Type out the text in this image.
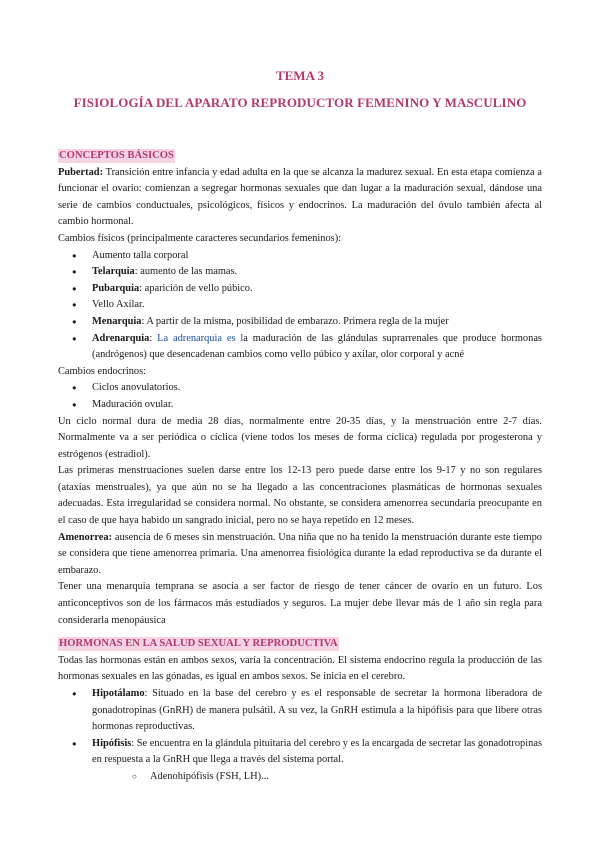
TEMA 3

FISIOLOGÍA DEL APARATO REPRODUCTOR FEMENINO Y MASCULINO

CONCEPTOS BÁSICOS

Pubertad: Transición entre infancia y edad adulta en la que se alcanza la madurez sexual. En esta etapa comienza a funcionar el ovario: comienzan a segregar hormonas sexuales que dan lugar a la maduración sexual, dándose una serie de cambios conductuales, psicológicos, físicos y endocrinos. La maduración del óvulo también afecta al cambio hormonal.

Cambios físicos (principalmente caracteres secundarios femeninos):

● Aumento talla corporal
● Telarquia: aumento de las mamas.
● Pubarquia: aparición de vello púbico.
● Vello Axilar.
● Menarquia: A partir de la misma, posibilidad de embarazo. Primera regla de la mujer
● Adrenarquia: La adrenarquia es la maduración de las glándulas suprarrenales que produce hormonas (andrógenos) que desencadenan cambios como vello púbico y axilar, olor corporal y acné

Cambios endocrinos:

● Ciclos anovulatorios.
● Maduración ovular.

Un ciclo normal dura de media 28 días, normalmente entre 20-35 días, y la menstruación entre 2-7 días. Normalmente va a ser periódica o cíclica (viene todos los meses de forma cíclica) regulada por progesterona y estrógenos (estradiol).

Las primeras menstruaciones suelen darse entre los 12-13 pero puede darse entre los 9-17 y no son regulares (ataxias menstruales), ya que aún no se ha llegado a las concentraciones plasmáticas de hormonas sexuales adecuadas. Esta irregularidad se considera normal. No obstante, se considera amenorrea secundaria preocupante en el caso de que haya habido un sangrado inicial, pero no se haya repetido en 12 meses.

Amenorrea: ausencia de 6 meses sin menstruación. Una niña que no ha tenido la menstruación durante este tiempo se considera que tiene amenorrea primaria. Una amenorrea fisiológica durante la edad reproductiva se da durante el embarazo.

Tener una menarquia temprana se asocia a ser factor de riesgo de tener cáncer de ovario en un futuro. Los anticonceptivos son de los fármacos más estudiados y seguros. La mujer debe llevar más de 1 año sin regla para considerarla menopáusica

HORMONAS EN LA SALUD SEXUAL Y REPRODUCTIVA

Todas las hormonas están en ambos sexos, varía la concentración. El sistema endocrino regula la producción de las hormonas sexuales en las gónadas, es igual en ambos sexos. Se inicia en el cerebro.

● Hipotálamo: Situado en la base del cerebro y es el responsable de secretar la hormona liberadora de gonadotropinas (GnRH) de manera pulsátil. A su vez, la GnRH estimula a la hipófisis para que libere otras hormonas reproductivas.
● Hipófisis: Se encuentra en la glándula pituitaria del cerebro y es la encargada de secretar las gonadotropinas en respuesta a la GnRH que llega a través del sistema portal.
○ Adenohipófisis (FSH, LH)...
